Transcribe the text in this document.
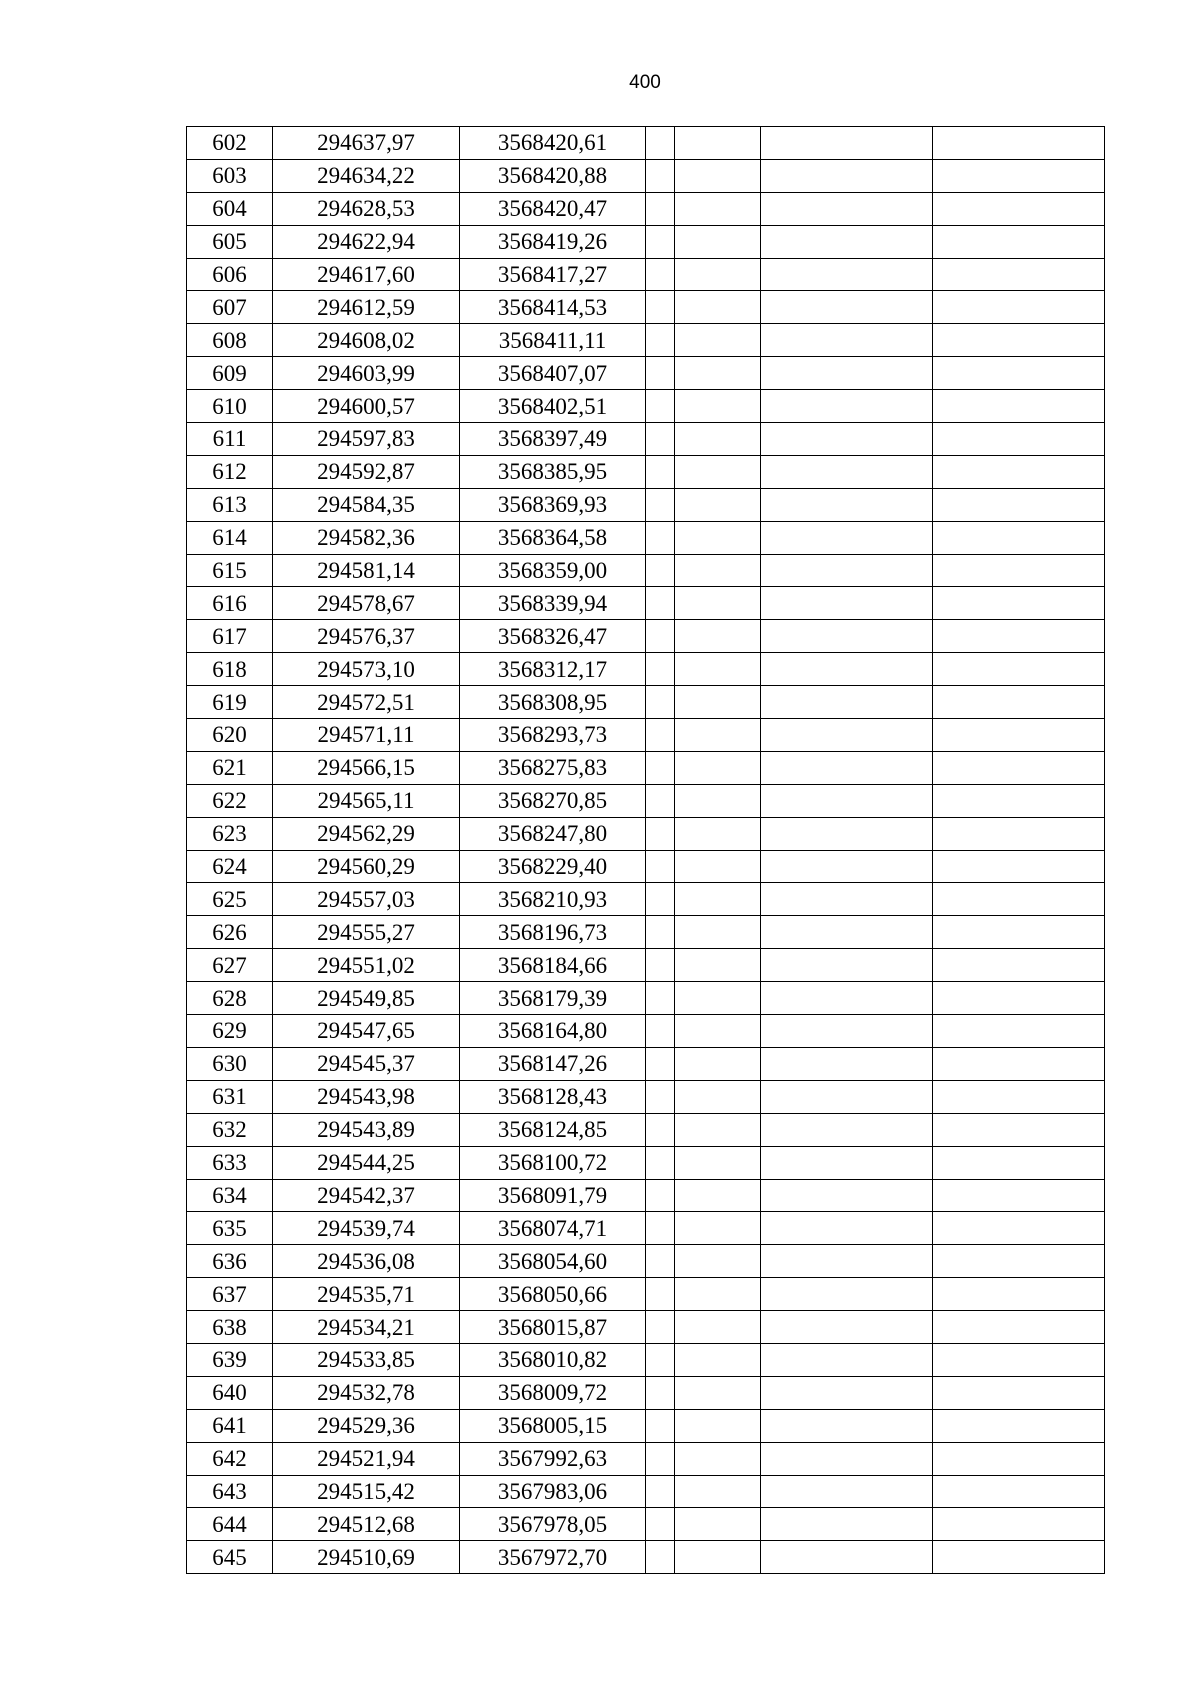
400
602	294637,97	3568420,61				
603	294634,22	3568420,88				
604	294628,53	3568420,47				
605	294622,94	3568419,26				
606	294617,60	3568417,27				
607	294612,59	3568414,53				
608	294608,02	3568411,11				
609	294603,99	3568407,07				
610	294600,57	3568402,51				
611	294597,83	3568397,49				
612	294592,87	3568385,95				
613	294584,35	3568369,93				
614	294582,36	3568364,58				
615	294581,14	3568359,00				
616	294578,67	3568339,94				
617	294576,37	3568326,47				
618	294573,10	3568312,17				
619	294572,51	3568308,95				
620	294571,11	3568293,73				
621	294566,15	3568275,83				
622	294565,11	3568270,85				
623	294562,29	3568247,80				
624	294560,29	3568229,40				
625	294557,03	3568210,93				
626	294555,27	3568196,73				
627	294551,02	3568184,66				
628	294549,85	3568179,39				
629	294547,65	3568164,80				
630	294545,37	3568147,26				
631	294543,98	3568128,43				
632	294543,89	3568124,85				
633	294544,25	3568100,72				
634	294542,37	3568091,79				
635	294539,74	3568074,71				
636	294536,08	3568054,60				
637	294535,71	3568050,66				
638	294534,21	3568015,87				
639	294533,85	3568010,82				
640	294532,78	3568009,72				
641	294529,36	3568005,15				
642	294521,94	3567992,63				
643	294515,42	3567983,06				
644	294512,68	3567978,05				
645	294510,69	3567972,70				
